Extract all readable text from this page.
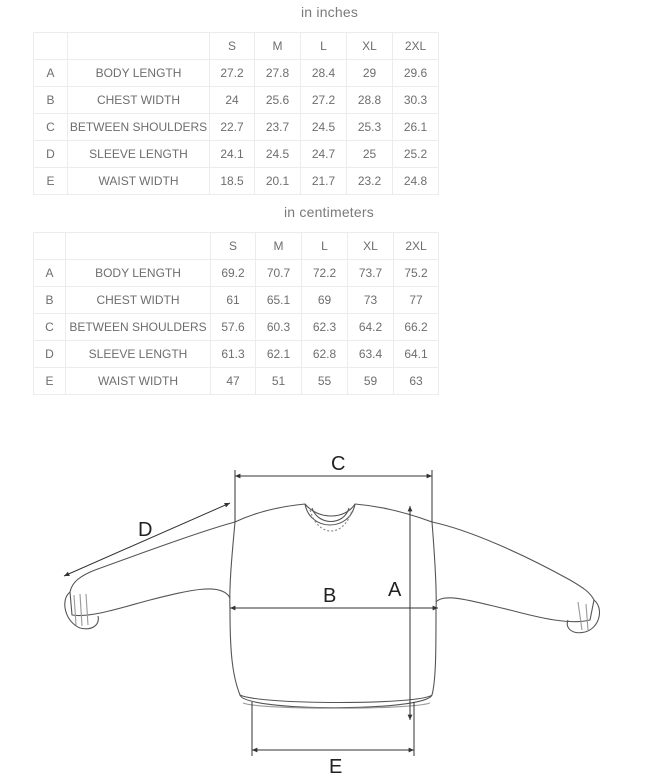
in inches
		S	M	L	XL	2XL
A	BODY LENGTH	27.2	27.8	28.4	29	29.6
B	CHEST WIDTH	24	25.6	27.2	28.8	30.3
C	BETWEEN SHOULDERS	22.7	23.7	24.5	25.3	26.1
D	SLEEVE LENGTH	24.1	24.5	24.7	25	25.2
E	WAIST WIDTH	18.5	20.1	21.7	23.2	24.8
in centimeters
		S	M	L	XL	2XL
A	BODY LENGTH	69.2	70.7	72.2	73.7	75.2
B	CHEST WIDTH	61	65.1	69	73	77
C	BETWEEN SHOULDERS	57.6	60.3	62.3	64.2	66.2
D	SLEEVE LENGTH	61.3	62.1	62.8	63.4	64.1
E	WAIST WIDTH	47	51	55	59	63
C
B	A
E
D
